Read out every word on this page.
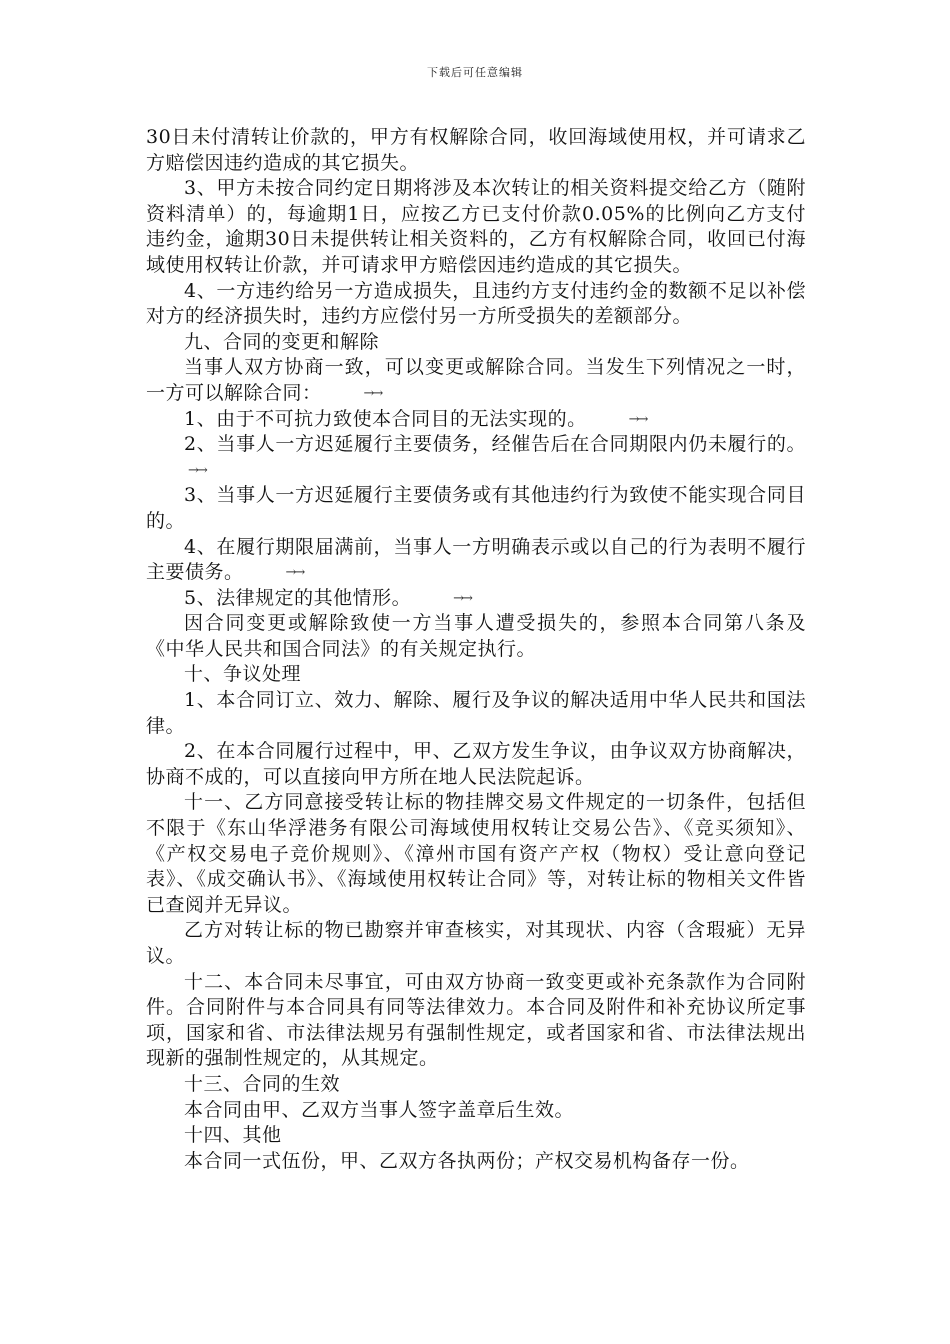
下载后可任意编辑

30日未付清转让价款的，甲方有权解除合同，收回海域使用权，并可请求乙方赔偿因违约造成的其它损失。

3、甲方未按合同约定日期将涉及本次转让的相关资料提交给乙方（随附资料清单）的，每逾期1日，应按乙方已支付价款0.05%的比例向乙方支付违约金，逾期30日未提供转让相关资料的，乙方有权解除合同，收回已付海域使用权转让价款，并可请求甲方赔偿因违约造成的其它损失。

4、一方违约给另一方造成损失，且违约方支付违约金的数额不足以补偿对方的经济损失时，违约方应偿付另一方所受损失的差额部分。

九、合同的变更和解除

当事人双方协商一致，可以变更或解除合同。当发生下列情况之一时，一方可以解除合同：	→→

1、由于不可抗力致使本合同目的无法实现的。	→→

2、当事人一方迟延履行主要债务，经催告后在合同期限内仍未履行的。→→

3、当事人一方迟延履行主要债务或有其他违约行为致使不能实现合同目的。

4、在履行期限届满前，当事人一方明确表示或以自己的行为表明不履行主要债务。	→→

5、法律规定的其他情形。	→→

因合同变更或解除致使一方当事人遭受损失的，参照本合同第八条及《中华人民共和国合同法》的有关规定执行。

十、争议处理

1、本合同订立、效力、解除、履行及争议的解决适用中华人民共和国法律。

2、在本合同履行过程中，甲、乙双方发生争议，由争议双方协商解决，协商不成的，可以直接向甲方所在地人民法院起诉。

十一、乙方同意接受转让标的物挂牌交易文件规定的一切条件，包括但不限于《东山华浮港务有限公司海域使用权转让交易公告》、《竞买须知》、《产权交易电子竞价规则》、《漳州市国有资产产权（物权）受让意向登记表》、《成交确认书》、《海域使用权转让合同》等，对转让标的物相关文件皆已查阅并无异议。

乙方对转让标的物已勘察并审查核实，对其现状、内容（含瑕疵）无异议。

十二、本合同未尽事宜，可由双方协商一致变更或补充条款作为合同附件。合同附件与本合同具有同等法律效力。本合同及附件和补充协议所定事项，国家和省、市法律法规另有强制性规定，或者国家和省、市法律法规出现新的强制性规定的，从其规定。

十三、合同的生效

本合同由甲、乙双方当事人签字盖章后生效。

十四、其他

本合同一式伍份，甲、乙双方各执两份；产权交易机构备存一份。
